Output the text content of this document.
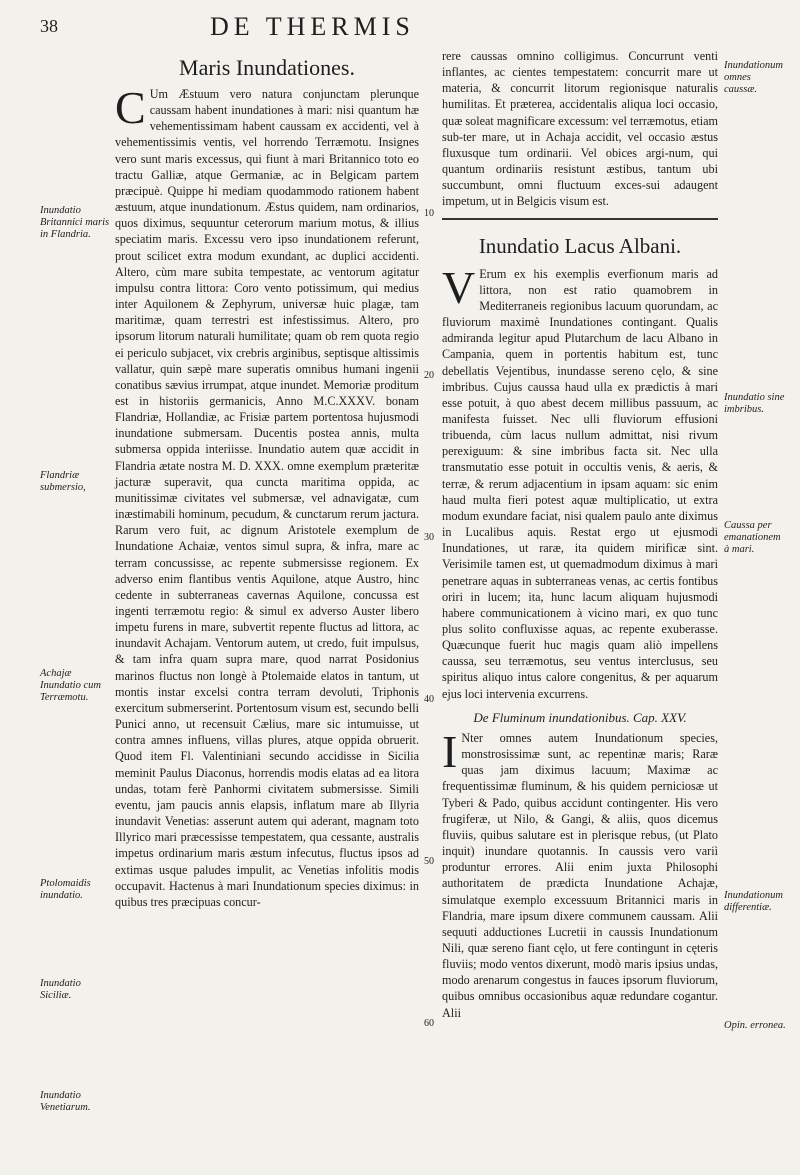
38	DE THERMIS
Maris Inundationes.

C Um Æstuum vero natura conjunctam plerunque caussam habent inundationes à mari: nisi quantum hæ vehementissimam habent caussam ex accidenti, vel à vehementissimis ventis, vel horrendo Terræmotu. Insignes vero sunt maris excessus, qui fiunt à mari Britannico toto eo tractu Galliæ, atque Germaniæ, ac in Belgicam partem præcipuè. Quippe hi mediam quodammodo rationem habent æstuum, atque inundationum. Æstus quidem, nam ordinarios, quos diximus, sequuntur ceterorum marium motus, & illius speciatim maris. Excessu vero ipso inundationem referunt, prout scilicet extra modum exundant, ac duplici accidenti. Altero, cùm mare subita tempestate, ac ventorum agitatur impulsu contra littora: Coro vento potissimum, qui medius inter Aquilonem & Zephyrum, universæ huic plagæ, tam maritimæ, quam terrestri est infestissimus. Altero, pro ipsorum litorum naturali humilitate; quam ob rem quota regio ei periculo subjacet, vix crebris arginibus, septisque altissimis vallatur, quin sæpè mare superatis omnibus humani ingenii conatibus sævius irrumpat, atque inundet. Memoriæ proditum est in historiis germanicis, Anno M.C.XXXV. bonam Flandriæ, Hollandiæ, ac Frisiæ partem portentosa hujusmodi inundatione submersam. Ducentis postea annis, multa submersa oppida interiisse. Inundatio autem quæ accidit in Flandria ætate nostra M. D. XXX. omne exemplum præteritæ jacturæ superavit, qua cuncta maritima oppida, ac munitissimæ civitates vel submersæ, vel adnavigatæ, cum inæstimabili hominum, pecudum, & cunctarum rerum jactura. Rarum vero fuit, ac dignum Aristotele exemplum de Inundatione Achaiæ, ventos simul supra, & infra, mare ac terram concussisse, ac repente submersisse regionem. Ex adverso enim flantibus ventis Aquilone, atque Austro, hinc cedente in subterraneas cavernas Aquilone, concussa est ingenti terræmotu regio: & simul ex adverso Auster libero impetu furens in mare, subvertit repente fluctus ad littora, ac inundavit Achajam. Ventorum autem, ut credo, fuit impulsus, & tam infra quam supra mare, quod narrat Posidonius marinos fluctus non longè à Ptolemaide elatos in tantum, ut montis instar excelsi contra terram devoluti, Triphonis exercitum submerserint. Portentosum visum est, secundo belli Punici anno, ut recensuit Cælius, mare sic intumuisse, ut contra amnes influens, villas plures, atque oppida obruerit. Quod item Fl. Valentiniani secundo accidisse in Sicilia meminit Paulus Diaconus, horrendis modis elatas ad ea litora undas, totam ferè Panhormi civitatem submersisse. Simili eventu, jam paucis annis elapsis, inflatum mare ab Illyria inundavit Venetias: asserunt autem qui aderant, magnam toto Illyrico mari præcessisse tempestatem, qua cessante, australis impetus ordinarium maris æstum infecutus, fluctus ipsos ad extimas usque paludes impulit, ac Venetias infolitis modis occupavit. Hactenus à mari Inundationum species diximus: in quibus tres præcipuas concur-

rere caussas omnino colligimus. Concurrunt venti inflantes, ac cientes tempestatem: concurrit mare ut materia, & concurrit litorum regionisque naturalis humilitas. Et præterea, accidentalis aliqua loci occasio, quæ soleat magnificare excessum: vel terræmotus, etiam sub-ter mare, ut in Achaja accidit, vel occasio æstus fluxusque tum ordinarii. Vel obices argi-num, qui quantum ordinariis resistunt æstibus, tantum ubi succumbunt, omni fluctuum exces-sui adaugent impetum, ut in Belgicis visum est.

Inundatio Lacus Albani.

V Erum ex his exemplis everfionum maris ad littora, non est ratio quamobrem in Mediterraneis regionibus lacuum quorundam, ac fluviorum maximè Inundationes contingant. Qualis admiranda legitur apud Plutarchum de lacu Albano in Campania, quem in portentis habitum est, tunc debellatis Vejentibus, inundasse sereno cęlo, & sine imbribus. Cujus caussa haud ulla ex prædictis à mari esse potuit, à quo abest decem millibus passuum, ac manifesta fuisset. Nec ulli fluviorum effusioni tribuenda, cùm lacus nullum admittat, nisi rivum perexiguum: & sine imbribus facta sit. Nec ulla transmutatio esse potuit in occultis venis, & aeris, & terræ, & rerum adjacentium in ipsam aquam: sic enim haud multa fieri potest aquæ multiplicatio, ut extra modum exundare faciat, nisi qualem paulo ante diximus in Lucalibus aquis. Restat ergo ut ejusmodi Inundationes, ut raræ, ita quidem mirificæ sint. Verisimile tamen est, ut quemadmodum diximus à mari penetrare aquas in subterraneas venas, ac certis fontibus oriri in lucem; ita, hunc lacum aliquam hujusmodi habere communicationem à vicino mari, ex quo tunc plus solito confluxisse aquas, ac repente exuberasse. Quæcunque fuerit huc magis quam aliò impellens caussa, seu terræmotus, seu ventus interclusus, seu spiritus aliquo intus calore congenitus, & per aquarum ejus loci intervenia excurrens.

De Fluminum inundationibus. Cap. XXV.

I Nter omnes autem Inundationum species, monstrosissimæ sunt, ac repentinæ maris; Raræ quas jam diximus lacuum; Maximæ ac frequentissimæ fluminum, & his quidem perniciosæ ut Tyberi & Pado, quibus accidunt contingenter. His vero frugiferæ, ut Nilo, & Gangi, & aliis, quos dicemus fluviis, quibus salutare est in plerisque rebus, (ut Plato inquit) inundare quotannis. In caussis vero variì produntur errores. Alii enim juxta Philosophi authoritatem de prædicta Inundatione Achajæ, simulatque exemplo excessuum Britannici maris in Flandria, mare ipsum dixere communem caussam. Alii sequuti adductiones Lucretii in caussis Inundationum Nili, quæ sereno fiant cęlo, ut fere contingunt in cęteris fluviis; modo ventos dixerunt, modò maris ipsius undas, modo arenarum congestus in fauces ipsorum fluviorum, quibus omnibus occasionibus aquæ redundare cogantur. Alii

Inundatio Britannici maris in Flandria.
Flandriæ submersio,
Achajæ Inundatio cum Terræmotu.
Ptolomaidis inundatio.
Inundatio Siciliæ.
Inundatio Venetiarum.
Inundationum omnes caussæ.
Inundatio sine imbribus.
Caussa per emanationem à mari.
Inundationum differentiæ.
Opin. erronea.
10
20
30
40
50
60
